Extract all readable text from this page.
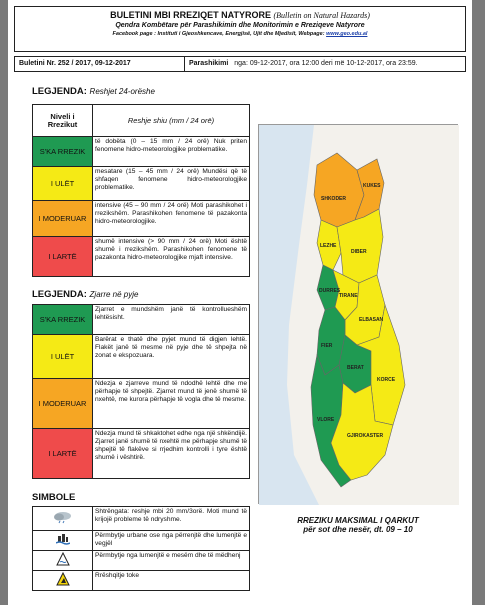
BULETINI MBI RREZIQET NATYRORE (Bulletin on Natural Hazards)
Qendra Kombëtare për Parashikimin dhe Monitorimin e Rreziqeve Natyrore
Facebook page : Instituti i Gjeoshkencave, Energjisë, Ujit dhe Mjedisit, Webpage: www.geo.edu.al
Buletini Nr. 252 / 2017, 09-12-2017	Parashikimi nga: 09-12-2017, ora 12:00 deri më 10-12-2017, ora 23:59.
LEGJENDA: Reshjet 24-orëshe
Niveli i Rrezikut	Reshje shiu (mm / 24 orë)
S'KA RREZIK	të dobëta (0 – 15 mm / 24 orë) Nuk priten fenomene hidro-meteorologjike problematike.
I ULËT	mesatare (15 – 45 mm / 24 orë) Mundësi që të shfaqen fenomene hidro-meteorologjike problematike.
I MODERUAR	intensive (45 – 90 mm / 24 orë) Moti parashikohet i rrezikshëm. Parashikohen fenomene të pazakonta hidro-meteorologjike.
I LARTË	shumë intensive (> 90 mm / 24 orë) Moti është shumë i rrezikshëm. Parashikohen fenomene të pazakonta hidro-meteorologjike mjaft intensive.
LEGJENDA: Zjarre në pyje
S'KA RREZIK	Zjarret e mundshëm janë të kontrollueshëm lehtësisht.
I ULËT	Barërat e thatë dhe pyjet mund të digjen lehtë. Flakët janë të mesme në pyje dhe të shpejta në zonat e ekspozuara.
I MODERUAR	Ndezja e zjarreve mund të ndodhë lehtë dhe me përhapje të shpejtë. Zjarret mund të jenë shumë të nxehtë, me kurora përhapje të vogla dhe të mesme.
I LARTË	Ndezja mund të shkaktohet edhe nga një shkëndijë. Zjarret janë shumë të nxehtë me përhapje shumë të shpejtë të flakëve si rrjedhim kontrolli i tyre është shumë i vështirë.
SIMBOLE
	Shtrëngata: reshje mbi 20 mm/3orë. Moti mund të krijojë probleme të ndryshme.
	Përmbytje urbane ose nga përrenjtë dhe lumenjtë e vegjël
	Përmbytje nga lumenjtë e mesëm dhe të mëdhenj
	Rrëshqitje toke
SHKODER
KUKES
LEZHE
DIBER
DURRES
TIRANE
ELBASAN
FIER
BERAT
KORCE
VLORE
GJIROKASTER
RREZIKU MAKSIMAL I QARKUT
për sot dhe nesër, dt. 09 – 10
